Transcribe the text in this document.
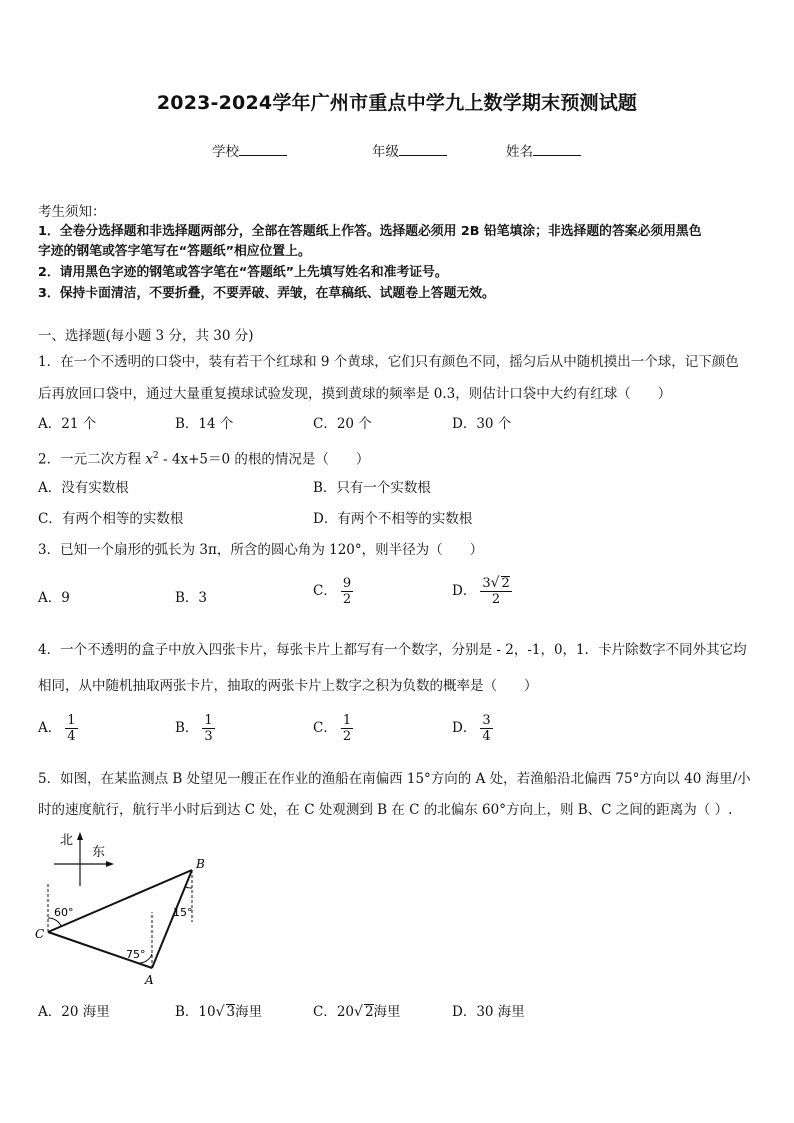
2023-2024学年广州市重点中学九上数学期末预测试题
学校	年级	姓名
考生须知：
1．全卷分选择题和非选择题两部分，全部在答题纸上作答。选择题必须用 2B 铅笔填涂；非选择题的答案必须用黑色
字迹的钢笔或答字笔写在“答题纸”相应位置上。
2．请用黑色字迹的钢笔或答字笔在“答题纸”上先填写姓名和准考证号。
3．保持卡面清洁，不要折叠，不要弄破、弄皱，在草稿纸、试题卷上答题无效。
一、选择题(每小题 3 分，共 30 分)
1．在一个不透明的口袋中，装有若干个红球和 9 个黄球，它们只有颜色不同，摇匀后从中随机摸出一个球，记下颜色
后再放回口袋中，通过大量重复摸球试验发现，摸到黄球的频率是 0.3，则估计口袋中大约有红球（　　）
A．21 个	B．14 个	C．20 个	D．30 个
2．一元二次方程 $x^2 - 4x+5=0$ 的根的情况是（　　）
A．没有实数根	B．只有一个实数根
C．有两个相等的实数根	D．有两个不相等的实数根
3．已知一个扇形的弧长为 3π，所含的圆心角为 120°，则半径为（　　）
A．9	B．3	C． $\frac{9}{2}$	D． $\frac{3√ 2}{2}$
4．一个不透明的盒子中放入四张卡片，每张卡片上都写有一个数字，分别是 - 2，-1，0，1．卡片除数字不同外其它均
相同，从中随机抽取两张卡片，抽取的两张卡片上数字之积为负数的概率是（　　）
A． $\frac{1}{4}$	B． $\frac{1}{3}$	C． $\frac{1}{2}$	D． $\frac{3}{4}$
5．如图，在某监测点 B 处望见一艘正在作业的渔船在南偏西 15°方向的 A 处，若渔船沿北偏西 75°方向以 40 海里/小
时的速度航行，航行半小时后到达 C 处，在 C 处观测到 B 在 C 的北偏东 60°方向上，则 B、C 之间的距离为（ ）.
北
东
B
C
A
60°	15°
75°
A．20 海里	B．10√ 3海里	C．20√ 2海里	D．30 海里
